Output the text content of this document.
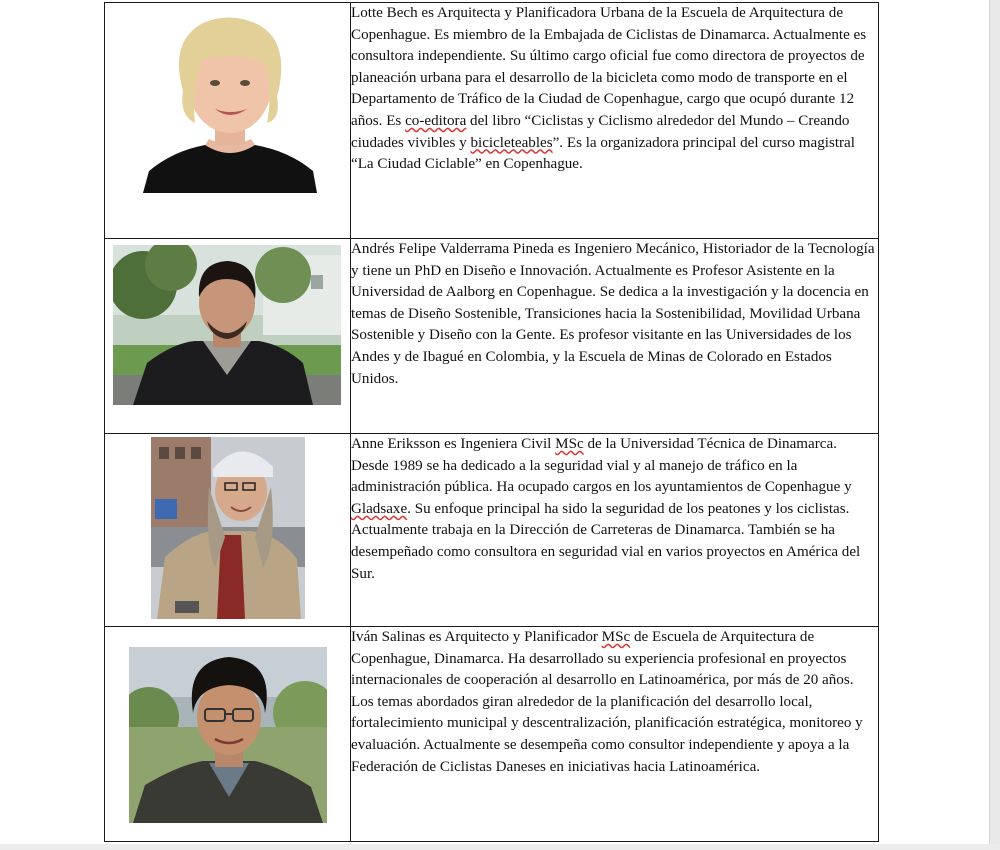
Lotte Bech es Arquitecta y Planificadora Urbana de la Escuela de Arquitectura de Copenhague. Es miembro de la Embajada de Ciclistas de Dinamarca. Actualmente es consultora independiente. Su último cargo oficial fue como directora de proyectos de planeación urbana para el desarrollo de la bicicleta como modo de transporte en el Departamento de Tráfico de la Ciudad de Copenhague, cargo que ocupó durante 12 años. Es co-editora del libro “Ciclistas y Ciclismo alrededor del Mundo – Creando ciudades vivibles y bicicleteables”. Es la organizadora principal del curso magistral “La Ciudad Ciclable” en Copenhague.

Andrés Felipe Valderrama Pineda es Ingeniero Mecánico, Historiador de la Tecnología y tiene un PhD en Diseño e Innovación. Actualmente es Profesor Asistente en la Universidad de Aalborg en Copenhague. Se dedica a la investigación y la docencia en temas de Diseño Sostenible, Transiciones hacia la Sostenibilidad, Movilidad Urbana Sostenible y Diseño con la Gente. Es profesor visitante en las Universidades de los Andes y de Ibagué en Colombia, y la Escuela de Minas de Colorado en Estados Unidos.

Anne Eriksson es Ingeniera Civil MSc de la Universidad Técnica de Dinamarca. Desde 1989 se ha dedicado a la seguridad vial y al manejo de tráfico en la administración pública. Ha ocupado cargos en los ayuntamientos de Copenhague y Gladsaxe. Su enfoque principal ha sido la seguridad de los peatones y los ciclistas. Actualmente trabaja en la Dirección de Carreteras de Dinamarca. También se ha desempeñado como consultora en seguridad vial en varios proyectos en América del Sur.

Iván Salinas es Arquitecto y Planificador MSc de Escuela de Arquitectura de Copenhague, Dinamarca. Ha desarrollado su experiencia profesional en proyectos internacionales de cooperación al desarrollo en Latinoamérica, por más de 20 años. Los temas abordados giran alrededor de la planificación del desarrollo local, fortalecimiento municipal y descentralización, planificación estratégica, monitoreo y evaluación. Actualmente se desempeña como consultor independiente y apoya a la Federación de Ciclistas Daneses en iniciativas hacia Latinoamérica.
